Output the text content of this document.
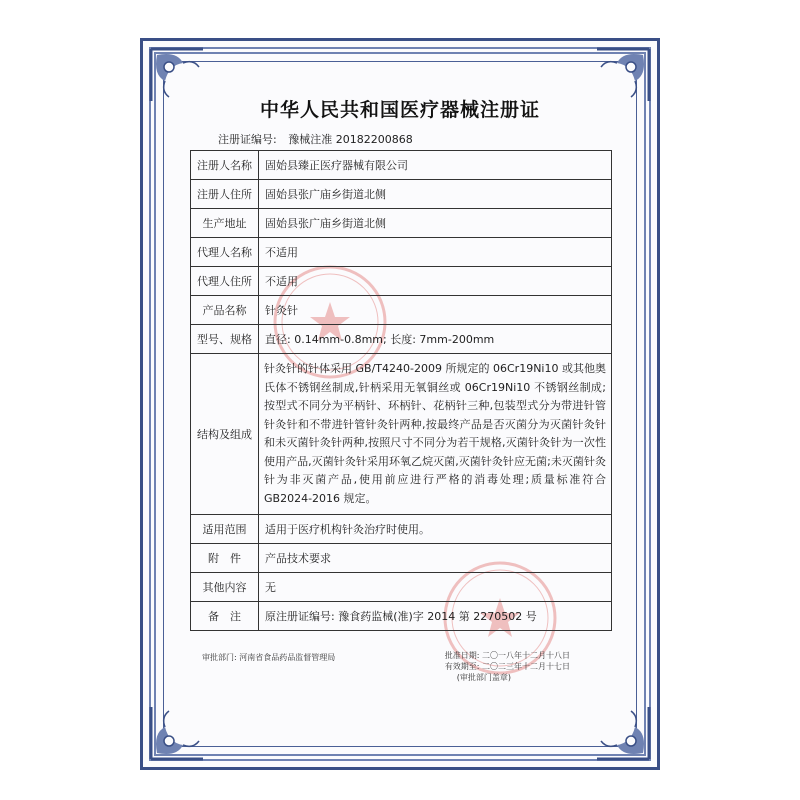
中华人民共和国医疗器械注册证
注册证编号: 豫械注准 20182200868
注册人名称	固始县臻正医疗器械有限公司
注册人住所	固始县张广庙乡街道北侧
生产地址	固始县张广庙乡街道北侧
代理人名称	不适用
代理人住所	不适用
产品名称	针灸针
型号、规格	直径: 0.14mm-0.8mm; 长度: 7mm-200mm
结构及组成	针灸针的针体采用 GB/T4240-2009 所规定的 06Cr19Ni10 或其他奥氏体不锈钢丝制成,针柄采用无氧铜丝或 06Cr19Ni10 不锈钢丝制成;按型式不同分为平柄针、环柄针、花柄针三种,包装型式分为带进针管针灸针和不带进针管针灸针两种,按最终产品是否灭菌分为灭菌针灸针和未灭菌针灸针两种,按照尺寸不同分为若干规格,灭菌针灸针为一次性使用产品,灭菌针灸针采用环氧乙烷灭菌,灭菌针灸针应无菌;未灭菌针灸针为非灭菌产品,使用前应进行严格的消毒处理;质量标准符合 GB2024-2016 规定。
适用范围	适用于医疗机构针灸治疗时使用。
附　件	产品技术要求
其他内容	无
备　注	原注册证编号: 豫食药监械(准)字 2014 第 2270502 号
审批部门: 河南省食品药品监督管理局	批准日期: 二〇一八年十二月十八日
有效期至: 二〇二三年十二月十七日
(审批部门盖章)
